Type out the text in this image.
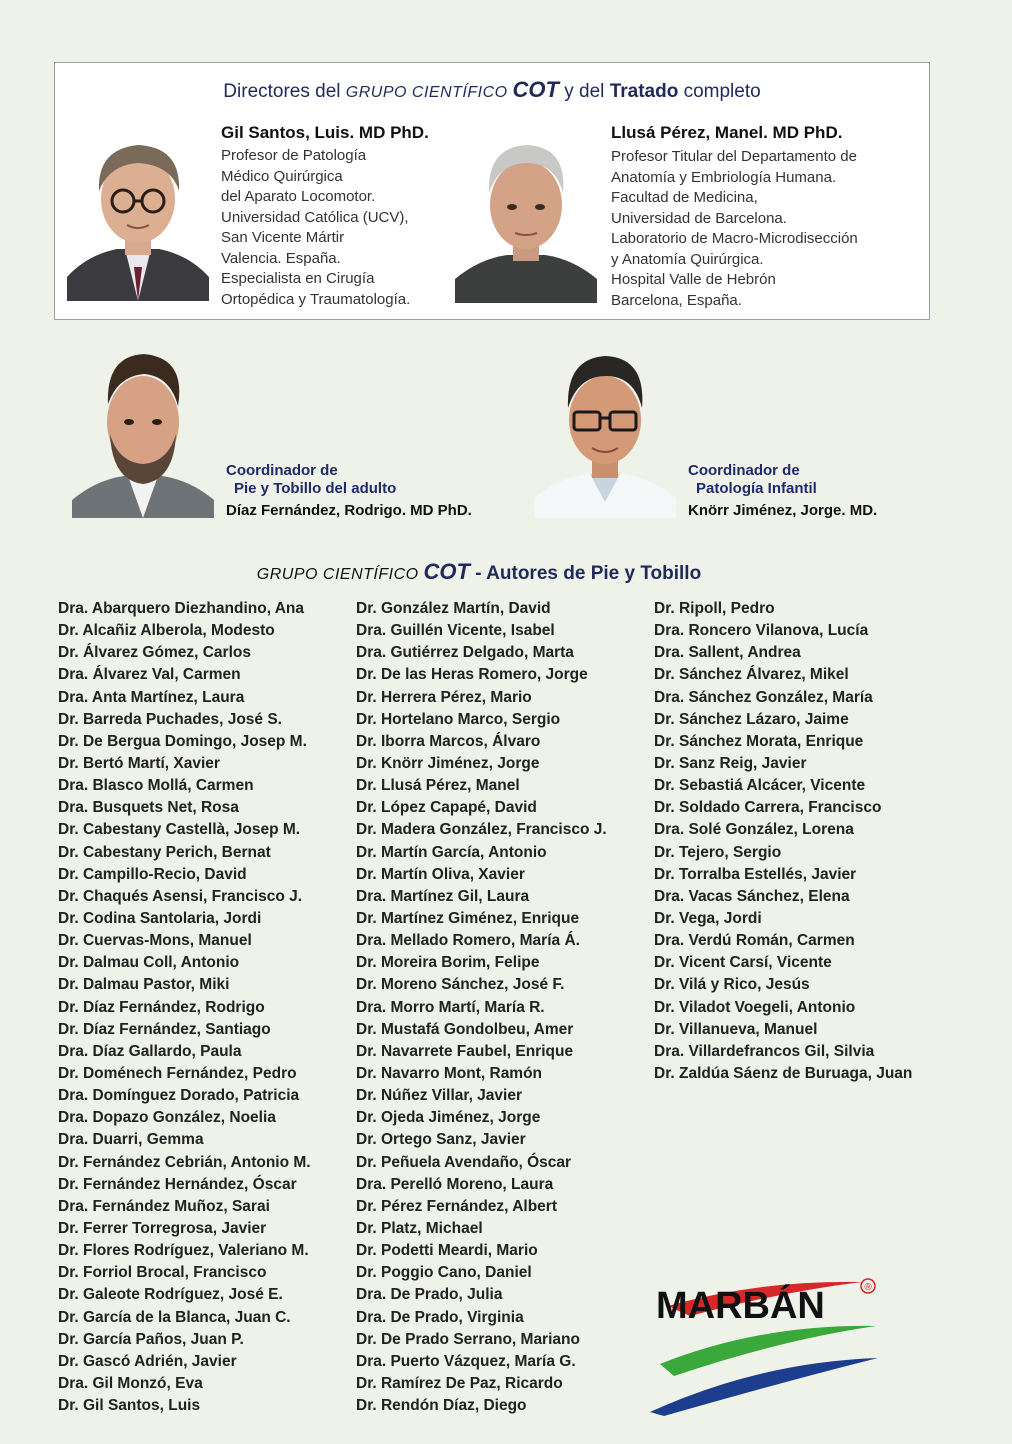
Directores del GRUPO CIENTÍFICO COT y del Tratado completo
Gil Santos, Luis. MD PhD.
Profesor de Patología
Médico Quirúrgica
del Aparato Locomotor.
Universidad Católica (UCV),
San Vicente Mártir
Valencia. España.
Especialista en Cirugía
Ortopédica y Traumatología.
Llusá Pérez, Manel. MD PhD.
Profesor Titular del Departamento de
Anatomía y Embriología Humana.
Facultad de Medicina,
Universidad de Barcelona.
Laboratorio de Macro-Microdisección
y Anatomía Quirúrgica.
Hospital Valle de Hebrón
Barcelona, España.
Coordinador de
Pie y Tobillo del adulto
Díaz Fernández, Rodrigo. MD PhD.
Coordinador de
Patología Infantil
Knörr Jiménez, Jorge. MD.
GRUPO CIENTÍFICO COT - Autores de Pie y Tobillo
Dra. Abarquero Diezhandino, Ana
Dr. Alcañiz Alberola, Modesto
Dr. Álvarez Gómez, Carlos
Dra. Álvarez Val, Carmen
Dra. Anta Martínez, Laura
Dr. Barreda Puchades, José S.
Dr. De Bergua Domingo, Josep M.
Dr. Bertó Martí, Xavier
Dra. Blasco Mollá, Carmen
Dra. Busquets Net, Rosa
Dr. Cabestany Castellà, Josep M.
Dr. Cabestany Perich, Bernat
Dr. Campillo-Recio, David
Dr. Chaqués Asensi, Francisco J.
Dr. Codina Santolaria, Jordi
Dr. Cuervas-Mons, Manuel
Dr. Dalmau Coll, Antonio
Dr. Dalmau Pastor, Miki
Dr. Díaz Fernández, Rodrigo
Dr. Díaz Fernández, Santiago
Dra. Díaz Gallardo, Paula
Dr. Doménech Fernández, Pedro
Dra. Domínguez Dorado, Patricia
Dra. Dopazo González, Noelia
Dra. Duarri, Gemma
Dr. Fernández Cebrián, Antonio M.
Dr. Fernández Hernández, Óscar
Dra. Fernández Muñoz, Sarai
Dr. Ferrer Torregrosa, Javier
Dr. Flores Rodríguez, Valeriano M.
Dr. Forriol Brocal, Francisco
Dr. Galeote Rodríguez, José E.
Dr. García de la Blanca, Juan C.
Dr. García Paños, Juan P.
Dr. Gascó Adrién, Javier
Dra. Gil Monzó, Eva
Dr. Gil Santos, Luis
Dr. González Martín, David
Dra. Guillén Vicente, Isabel
Dra. Gutiérrez Delgado, Marta
Dr. De las Heras Romero, Jorge
Dr. Herrera Pérez, Mario
Dr. Hortelano Marco, Sergio
Dr. Iborra Marcos, Álvaro
Dr. Knörr Jiménez, Jorge
Dr. Llusá Pérez, Manel
Dr. López Capapé, David
Dr. Madera González, Francisco J.
Dr. Martín García, Antonio
Dr. Martín Oliva, Xavier
Dra. Martínez Gil, Laura
Dr. Martínez Giménez, Enrique
Dra. Mellado Romero, María Á.
Dr. Moreira Borim, Felipe
Dr. Moreno Sánchez, José F.
Dra. Morro Martí, María R.
Dr. Mustafá Gondolbeu, Amer
Dr. Navarrete Faubel, Enrique
Dr. Navarro Mont, Ramón
Dr. Núñez Villar, Javier
Dr. Ojeda Jiménez, Jorge
Dr. Ortego Sanz, Javier
Dr. Peñuela Avendaño, Óscar
Dra. Perelló Moreno, Laura
Dr. Pérez Fernández, Albert
Dr. Platz, Michael
Dr. Podetti Meardi, Mario
Dr. Poggio Cano, Daniel
Dra. De Prado, Julia
Dra. De Prado, Virginia
Dr. De Prado Serrano, Mariano
Dra. Puerto Vázquez, María G.
Dr. Ramírez De Paz, Ricardo
Dr. Rendón Díaz, Diego
Dr. Ripoll, Pedro
Dra. Roncero Vilanova, Lucía
Dra. Sallent, Andrea
Dr. Sánchez Álvarez, Mikel
Dra. Sánchez González, María
Dr. Sánchez Lázaro, Jaime
Dr. Sánchez Morata, Enrique
Dr. Sanz Reig, Javier
Dr. Sebastiá Alcácer, Vicente
Dr. Soldado Carrera, Francisco
Dra. Solé González, Lorena
Dr. Tejero, Sergio
Dr. Torralba Estellés, Javier
Dra. Vacas Sánchez, Elena
Dr. Vega, Jordi
Dra. Verdú Román, Carmen
Dr. Vicent Carsí, Vicente
Dr. Vilá y Rico, Jesús
Dr. Viladot Voegeli, Antonio
Dr. Villanueva, Manuel
Dra. Villardefrancos Gil, Silvia
Dr. Zaldúa Sáenz de Buruaga, Juan
MARBÁN	®
